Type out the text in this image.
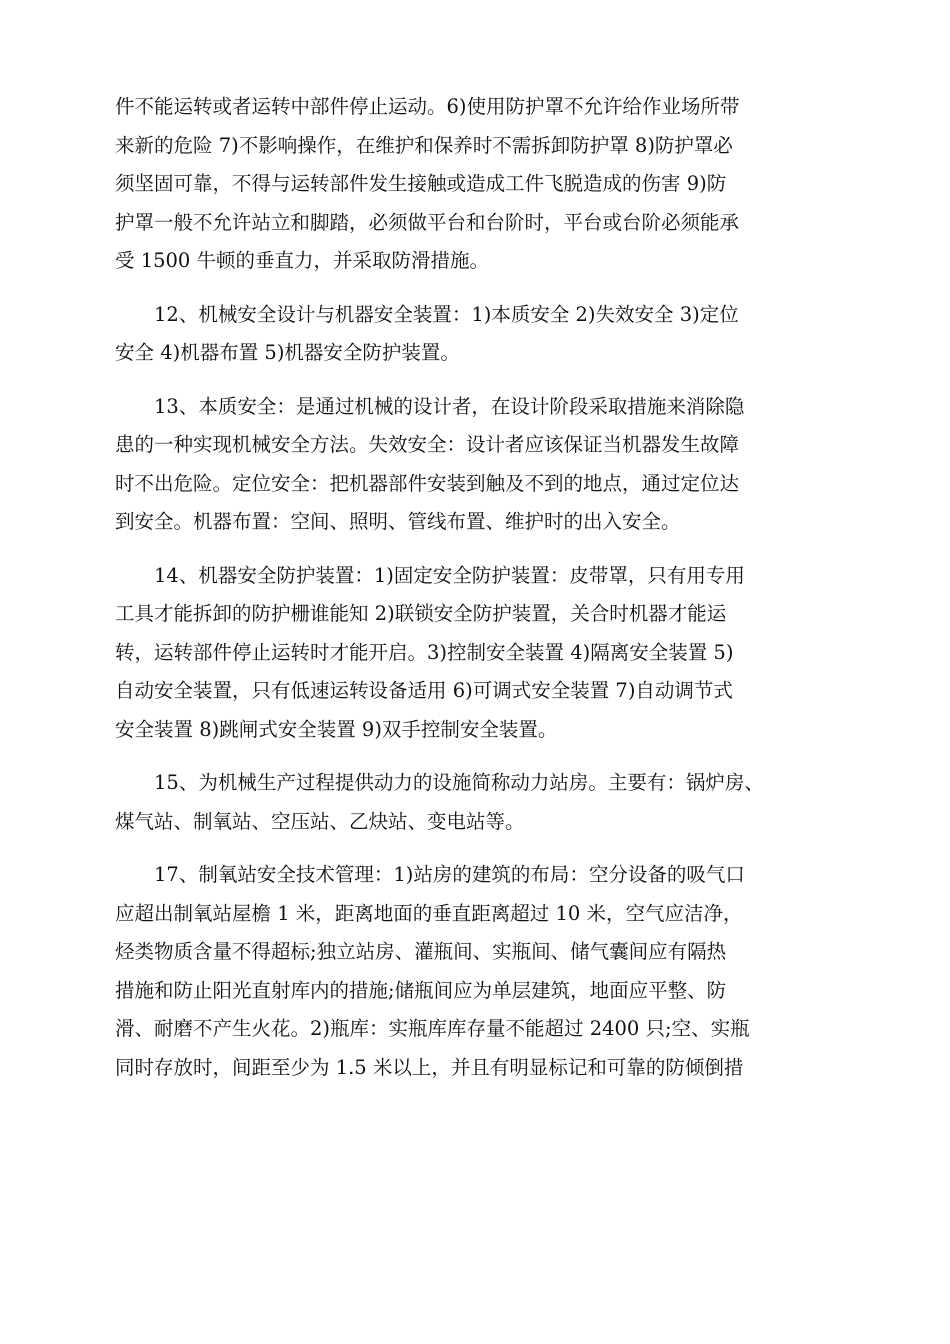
件不能运转或者运转中部件停止运动。6)使用防护罩不允许给作业场所带
来新的危险 7)不影响操作，在维护和保养时不需拆卸防护罩 8)防护罩必
须坚固可靠，不得与运转部件发生接触或造成工件飞脱造成的伤害 9)防
护罩一般不允许站立和脚踏，必须做平台和台阶时，平台或台阶必须能承
受 1500 牛顿的垂直力，并采取防滑措施。

12、机械安全设计与机器安全装置：1)本质安全 2)失效安全 3)定位
安全 4)机器布置 5)机器安全防护装置。

13、本质安全：是通过机械的设计者，在设计阶段采取措施来消除隐
患的一种实现机械安全方法。失效安全：设计者应该保证当机器发生故障
时不出危险。定位安全：把机器部件安装到触及不到的地点，通过定位达
到安全。机器布置：空间、照明、管线布置、维护时的出入安全。

14、机器安全防护装置：1)固定安全防护装置：皮带罩，只有用专用
工具才能拆卸的防护栅谁能知 2)联锁安全防护装置，关合时机器才能运
转，运转部件停止运转时才能开启。3)控制安全装置 4)隔离安全装置 5)
自动安全装置，只有低速运转设备适用 6)可调式安全装置 7)自动调节式
安全装置 8)跳闸式安全装置 9)双手控制安全装置。

15、为机械生产过程提供动力的设施简称动力站房。主要有：锅炉房、
煤气站、制氧站、空压站、乙炔站、变电站等。

17、制氧站安全技术管理：1)站房的建筑的布局：空分设备的吸气口
应超出制氧站屋檐 1 米，距离地面的垂直距离超过 10 米，空气应洁净，
烃类物质含量不得超标;独立站房、灌瓶间、实瓶间、储气囊间应有隔热
措施和防止阳光直射库内的措施;储瓶间应为单层建筑，地面应平整、防
滑、耐磨不产生火花。2)瓶库：实瓶库库存量不能超过 2400 只;空、实瓶
同时存放时，间距至少为 1.5 米以上，并且有明显标记和可靠的防倾倒措
